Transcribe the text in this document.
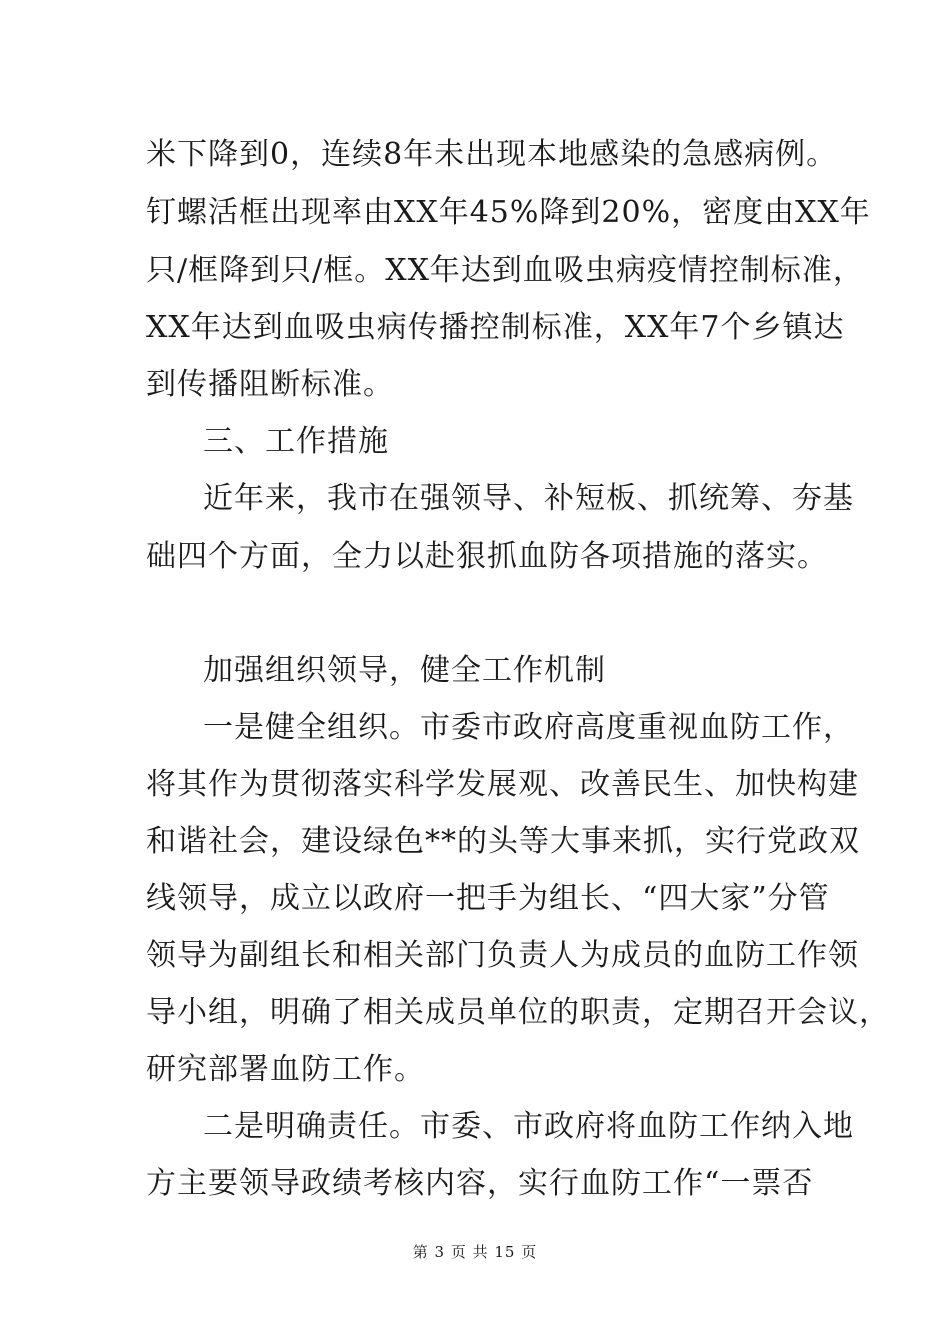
米下降到0，连续8年未出现本地感染的急感病例。

钉螺活框出现率由XX年45%降到20%，密度由XX年

只/框降到只/框。XX年达到血吸虫病疫情控制标准，

XX年达到血吸虫病传播控制标准，XX年7个乡镇达

到传播阻断标准。

三、工作措施

近年来，我市在强领导、补短板、抓统筹、夯基

础四个方面，全力以赴狠抓血防各项措施的落实。

加强组织领导，健全工作机制

一是健全组织。市委市政府高度重视血防工作，

将其作为贯彻落实科学发展观、改善民生、加快构建

和谐社会，建设绿色**的头等大事来抓，实行党政双

线领导，成立以政府一把手为组长、“四大家”分管

领导为副组长和相关部门负责人为成员的血防工作领

导小组，明确了相关成员单位的职责，定期召开会议，

研究部署血防工作。

二是明确责任。市委、市政府将血防工作纳入地

方主要领导政绩考核内容，实行血防工作“一票否

第 3 页 共 15 页
